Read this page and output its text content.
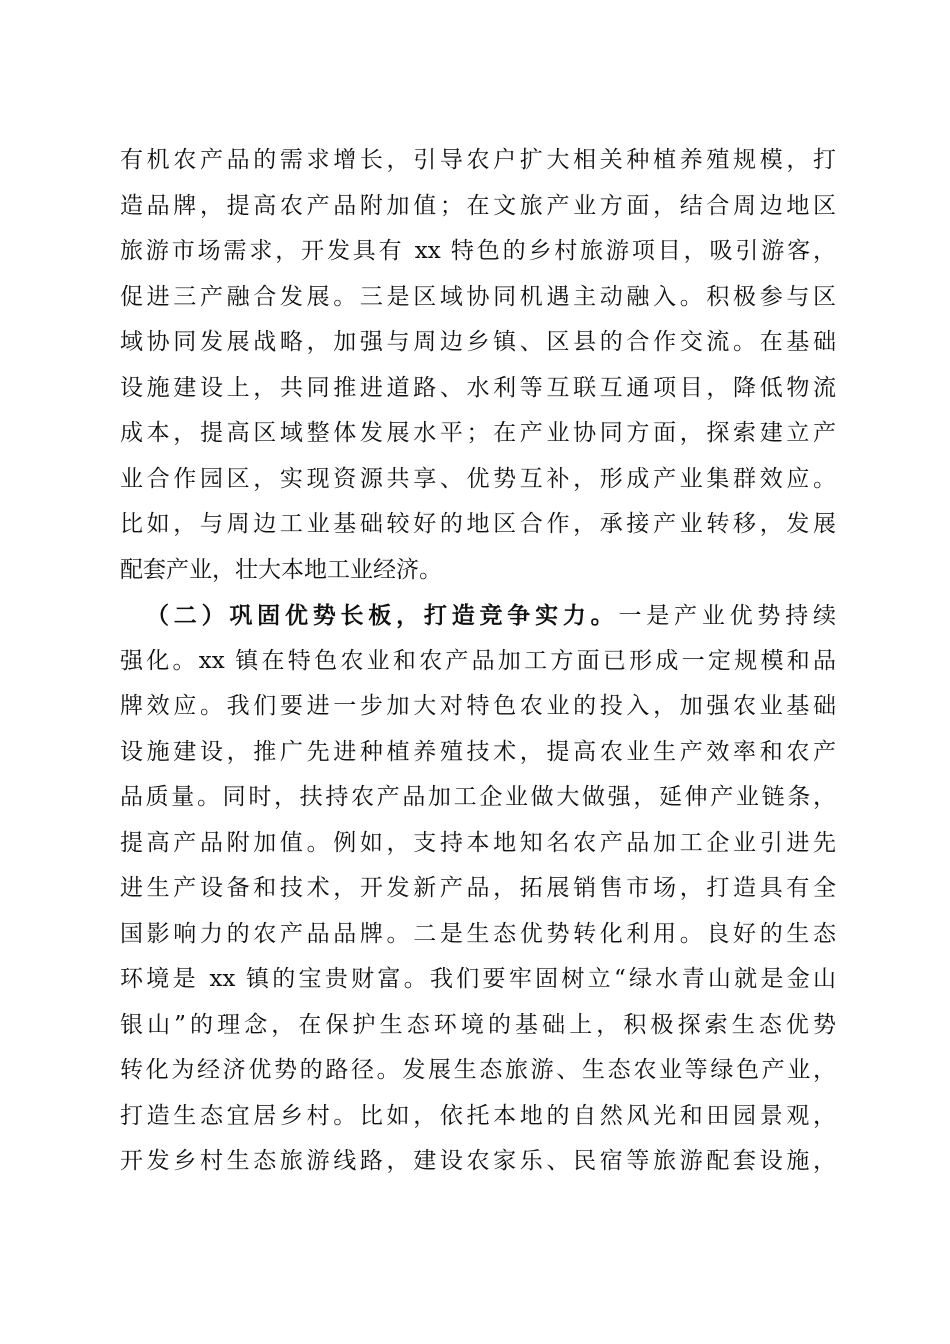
有机农产品的需求增长，引导农户扩大相关种植养殖规模，打
造品牌，提高农产品附加值；在文旅产业方面，结合周边地区
旅游市场需求，开发具有 xx 特色的乡村旅游项目，吸引游客，
促进三产融合发展。三是区域协同机遇主动融入。积极参与区
域协同发展战略，加强与周边乡镇、区县的合作交流。在基础
设施建设上，共同推进道路、水利等互联互通项目，降低物流
成本，提高区域整体发展水平；在产业协同方面，探索建立产
业合作园区，实现资源共享、优势互补，形成产业集群效应。
比如，与周边工业基础较好的地区合作，承接产业转移，发展
配套产业，壮大本地工业经济。
（二）巩固优势长板，打造竞争实力。一是产业优势持续
强化。xx 镇在特色农业和农产品加工方面已形成一定规模和品
牌效应。我们要进一步加大对特色农业的投入，加强农业基础
设施建设，推广先进种植养殖技术，提高农业生产效率和农产
品质量。同时，扶持农产品加工企业做大做强，延伸产业链条，
提高产品附加值。例如，支持本地知名农产品加工企业引进先
进生产设备和技术，开发新产品，拓展销售市场，打造具有全
国影响力的农产品品牌。二是生态优势转化利用。良好的生态
环境是 xx 镇的宝贵财富。我们要牢固树立“绿水青山就是金山
银山”的理念，在保护生态环境的基础上，积极探索生态优势
转化为经济优势的路径。发展生态旅游、生态农业等绿色产业，
打造生态宜居乡村。比如，依托本地的自然风光和田园景观，
开发乡村生态旅游线路，建设农家乐、民宿等旅游配套设施，
